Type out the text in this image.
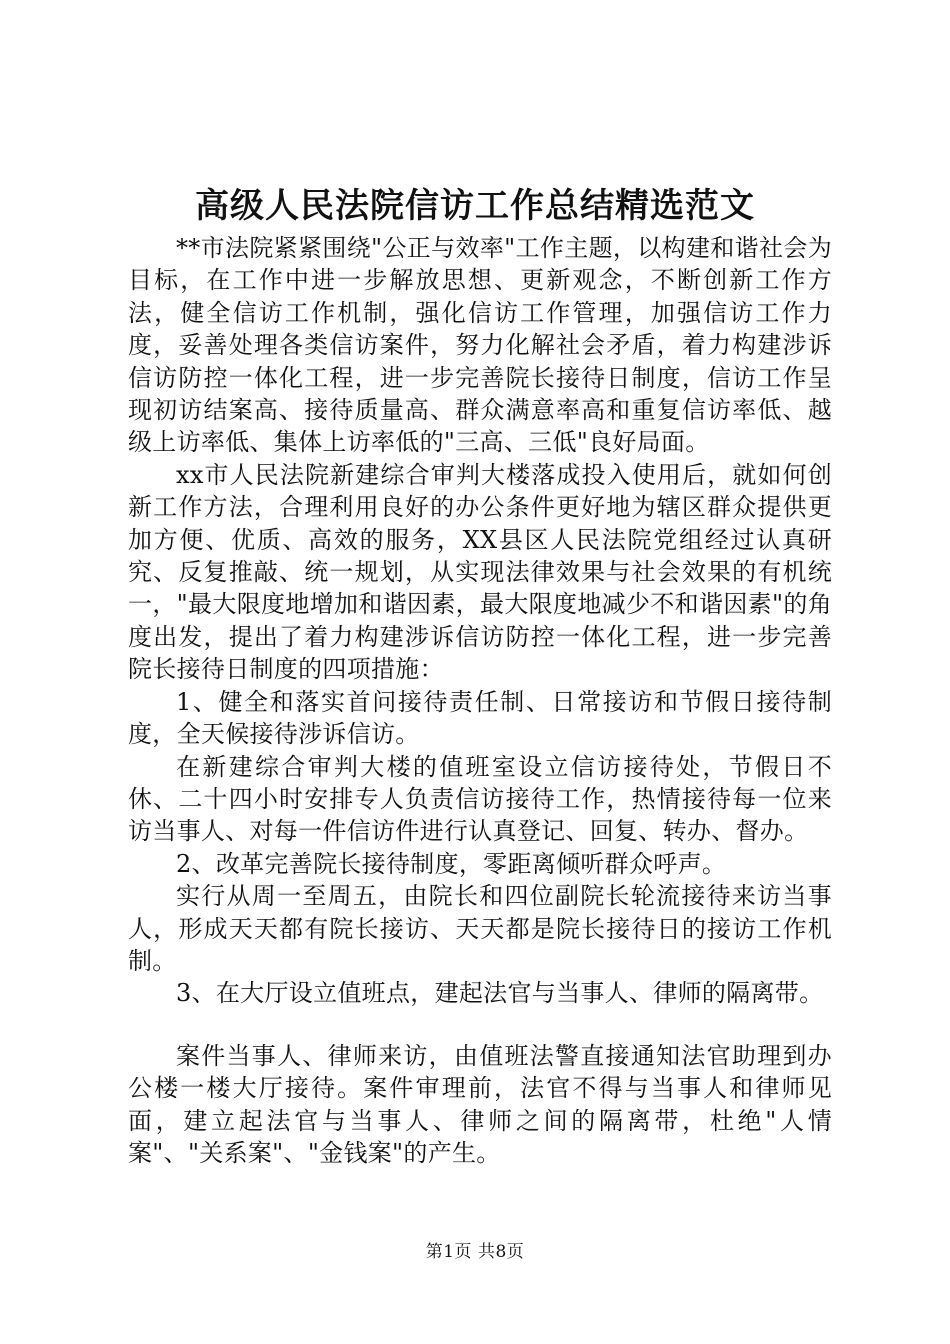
高级人民法院信访工作总结精选范文

**市法院紧紧围绕"公正与效率"工作主题，以构建和谐社会为目标，在工作中进一步解放思想、更新观念，不断创新工作方法，健全信访工作机制，强化信访工作管理，加强信访工作力度，妥善处理各类信访案件，努力化解社会矛盾，着力构建涉诉信访防控一体化工程，进一步完善院长接待日制度，信访工作呈现初访结案高、接待质量高、群众满意率高和重复信访率低、越级上访率低、集体上访率低的"三高、三低"良好局面。

xx市人民法院新建综合审判大楼落成投入使用后，就如何创新工作方法，合理利用良好的办公条件更好地为辖区群众提供更加方便、优质、高效的服务，XX县区人民法院党组经过认真研究、反复推敲、统一规划，从实现法律效果与社会效果的有机统一，"最大限度地增加和谐因素，最大限度地减少不和谐因素"的角度出发，提出了着力构建涉诉信访防控一体化工程，进一步完善院长接待日制度的四项措施：

1、健全和落实首问接待责任制、日常接访和节假日接待制度，全天候接待涉诉信访。

在新建综合审判大楼的值班室设立信访接待处，节假日不休、二十四小时安排专人负责信访接待工作，热情接待每一位来访当事人、对每一件信访件进行认真登记、回复、转办、督办。

2、改革完善院长接待制度，零距离倾听群众呼声。

实行从周一至周五，由院长和四位副院长轮流接待来访当事人，形成天天都有院长接访、天天都是院长接待日的接访工作机制。

3、在大厅设立值班点，建起法官与当事人、律师的隔离带。

案件当事人、律师来访，由值班法警直接通知法官助理到办公楼一楼大厅接待。案件审理前，法官不得与当事人和律师见面，建立起法官与当事人、律师之间的隔离带，杜绝"人情案"、"关系案"、"金钱案"的产生。

第1页 共8页
